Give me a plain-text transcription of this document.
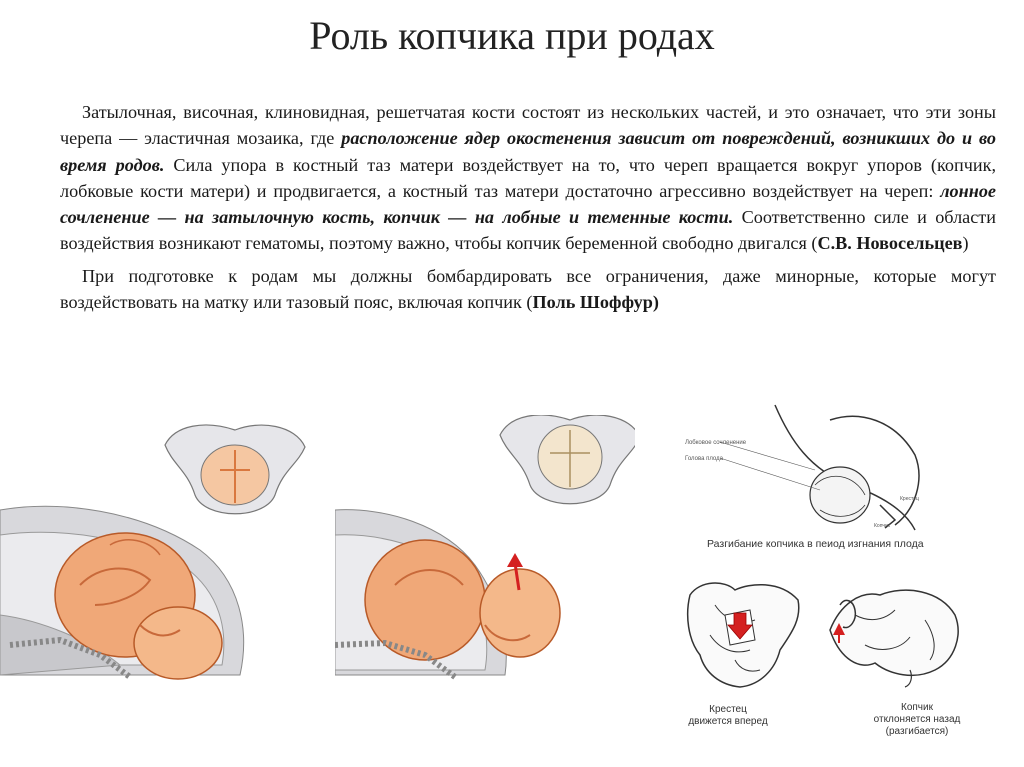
Роль копчика при родах

Затылочная, височная, клиновидная, решетчатая кости состоят из нескольких частей, и это означает, что эти зоны черепа — эластичная мозаика, где расположение ядер окостенения зависит от повреждений, возникших до и во время родов. Сила упора в костный таз матери воздействует на то, что череп вращается вокруг упоров (копчик, лобковые кости матери) и продвигается, а костный таз матери достаточно агрессивно воздействует на череп: лонное сочленение — на затылочную кость, копчик — на лобные и теменные кости. Соответственно силе и области воздействия возникают гематомы, поэтому важно, чтобы копчик беременной свободно двигался (С.В. Новосельцев)

При подготовке к родам мы должны бомбардировать все ограничения, даже минорные, которые могут воздействовать на матку или тазовый пояс, включая копчик (Поль Шоффур)

Лобковое сочленение
Голова плода
Копчик
Крестец
Разгибание копчика в пеиод изгнания плода
Крестец
движется вперед
Копчик
отклоняется назад
(разгибается)
